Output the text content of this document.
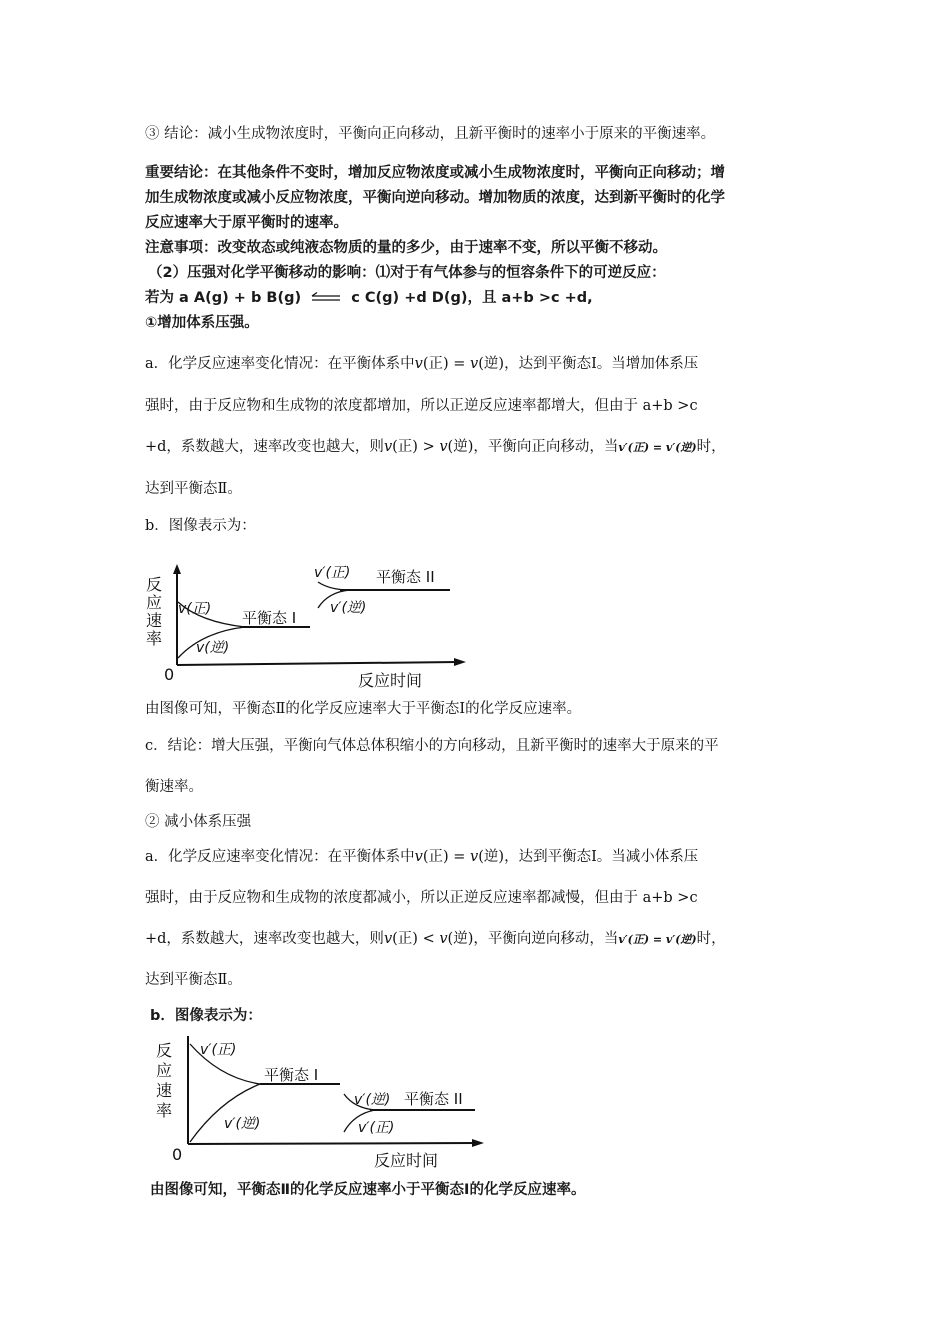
③ 结论：减小生成物浓度时，平衡向正向移动，且新平衡时的速率小于原来的平衡速率。
重要结论：在其他条件不变时，增加反应物浓度或减小生成物浓度时，平衡向正向移动；增
加生成物浓度或减小反应物浓度，平衡向逆向移动。增加物质的浓度，达到新平衡时的化学
反应速率大于原平衡时的速率。
注意事项：改变故态或纯液态物质的量的多少，由于速率不变，所以平衡不移动。
（2）压强对化学平衡移动的影响：⑴对于有气体参与的恒容条件下的可逆反应：
若为 a A(g) + b B(g)	c C(g) +d D(g)，且 a+b >c +d,
①增加体系压强。
a．化学反应速率变化情况：在平衡体系中v(正) = v(逆)，达到平衡态Ⅰ。当增加体系压
强时，由于反应物和生成物的浓度都增加，所以正逆反应速率都增大，但由于 a+b >c
+d，系数越大，速率改变也越大，则v(正) > v(逆)，平衡向正向移动，当v′(正) = v′(逆)时，
达到平衡态Ⅱ。
b．图像表示为：
反
应
速
率
0	反应时间
v(正)
v(逆)
平衡态 I
v′(正)
v′(逆)
平衡态 II
由图像可知，平衡态Ⅱ的化学反应速率大于平衡态Ⅰ的化学反应速率。
c．结论：增大压强，平衡向气体总体积缩小的方向移动，且新平衡时的速率大于原来的平
衡速率。
② 减小体系压强
a．化学反应速率变化情况：在平衡体系中v(正) = v(逆)，达到平衡态Ⅰ。当减小体系压
强时，由于反应物和生成物的浓度都减小，所以正逆反应速率都减慢，但由于 a+b >c
+d，系数越大，速率改变也越大，则v(正) < v(逆)，平衡向逆向移动，当v′(正) = v′(逆)时，
达到平衡态Ⅱ。
b．图像表示为：
反
应
速
率
0	反应时间
v′(正)
v′(逆)
平衡态 I
v′(逆) 平衡态 II
v′(正)
由图像可知，平衡态Ⅱ的化学反应速率小于平衡态Ⅰ的化学反应速率。
